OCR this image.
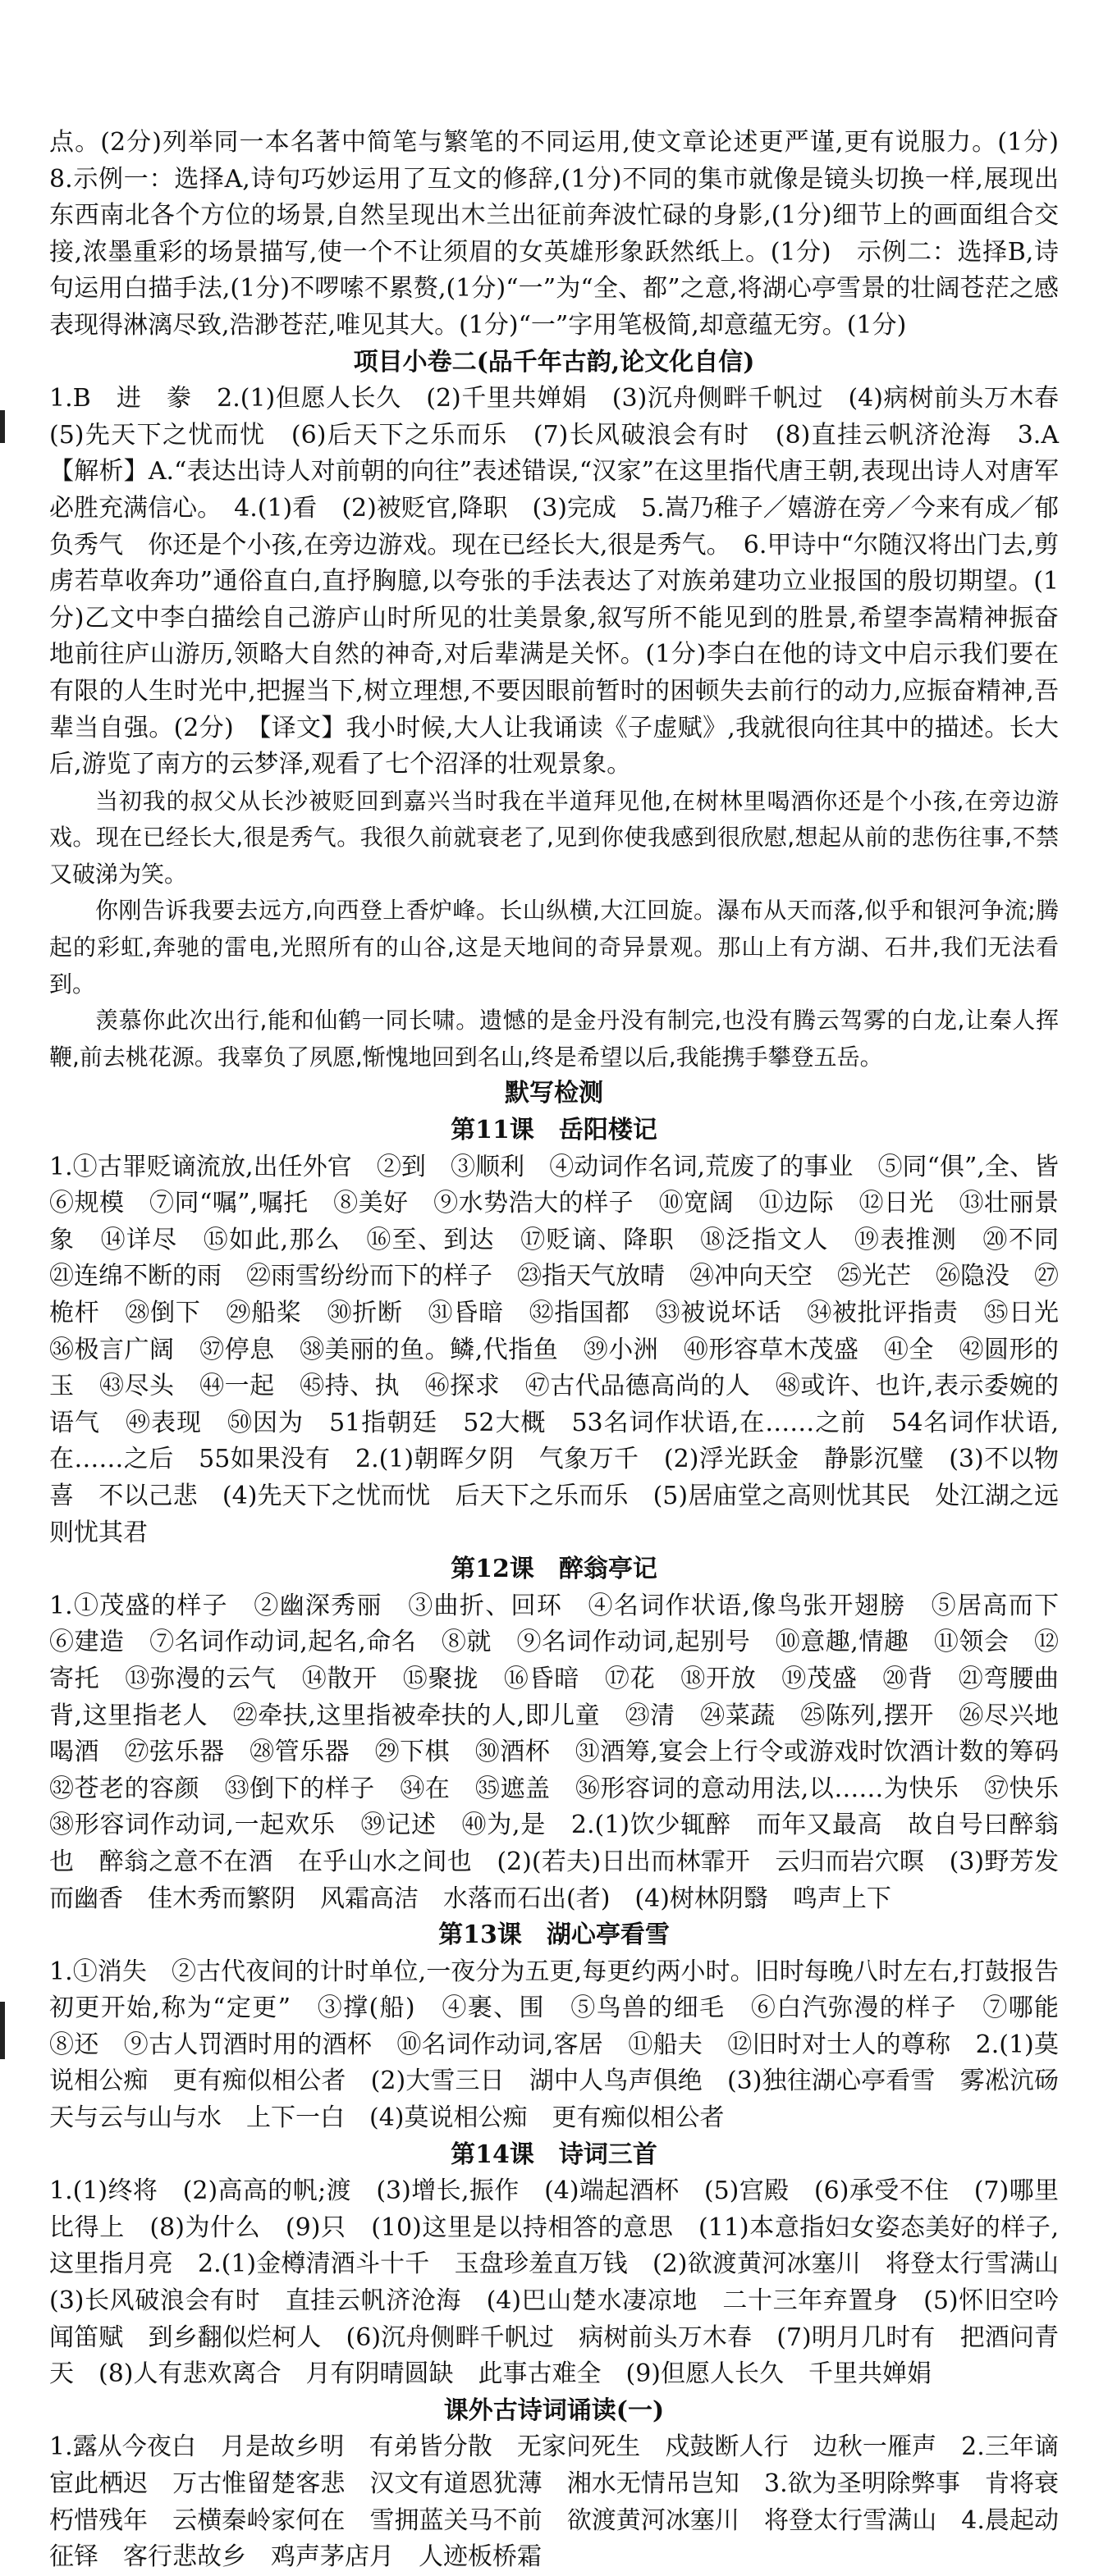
点。(2分)列举同一本名著中简笔与繁笔的不同运用,使文章论述更严谨,更有说服力。(1分)　8.示例一：选择A,诗句巧妙运用了互文的修辞,(1分)不同的集市就像是镜头切换一样,展现出东西南北各个方位的场景,自然呈现出木兰出征前奔波忙碌的身影,(1分)细节上的画面组合交接,浓墨重彩的场景描写,使一个不让须眉的女英雄形象跃然纸上。(1分)　示例二：选择B,诗句运用白描手法,(1分)不啰嗦不累赘,(1分)“一”为“全、都”之意,将湖心亭雪景的壮阔苍茫之感表现得淋漓尽致,浩渺苍茫,唯见其大。(1分)“一”字用笔极简,却意蕴无穷。(1分)

项目小卷二(品千年古韵,论文化自信)

1.B　进　豢　2.(1)但愿人长久　(2)千里共婵娟　(3)沉舟侧畔千帆过　(4)病树前头万木春　(5)先天下之忧而忧　(6)后天下之乐而乐　(7)长风破浪会有时　(8)直挂云帆济沧海　3.A　【解析】A.“表达出诗人对前朝的向往”表述错误,“汉家”在这里指代唐王朝,表现出诗人对唐军必胜充满信心。　4.(1)看　(2)被贬官,降职　(3)完成　5.嵩乃稚子／嬉游在旁／今来有成／郁负秀气　你还是个小孩,在旁边游戏。现在已经长大,很是秀气。　6.甲诗中“尔随汉将出门去,剪虏若草收奔功”通俗直白,直抒胸臆,以夸张的手法表达了对族弟建功立业报国的殷切期望。(1分)乙文中李白描绘自己游庐山时所见的壮美景象,叙写所不能见到的胜景,希望李嵩精神振奋地前往庐山游历,领略大自然的神奇,对后辈满是关怀。(1分)李白在他的诗文中启示我们要在有限的人生时光中,把握当下,树立理想,不要因眼前暂时的困顿失去前行的动力,应振奋精神,吾辈当自强。(2分)　【译文】我小时候,大人让我诵读《子虚赋》,我就很向往其中的描述。长大后,游览了南方的云梦泽,观看了七个沼泽的壮观景象。

当初我的叔父从长沙被贬回到嘉兴当时我在半道拜见他,在树林里喝酒你还是个小孩,在旁边游戏。现在已经长大,很是秀气。我很久前就衰老了,见到你使我感到很欣慰,想起从前的悲伤往事,不禁又破涕为笑。

你刚告诉我要去远方,向西登上香炉峰。长山纵横,大江回旋。瀑布从天而落,似乎和银河争流;腾起的彩虹,奔驰的雷电,光照所有的山谷,这是天地间的奇异景观。那山上有方湖、石井,我们无法看到。

羡慕你此次出行,能和仙鹤一同长啸。遗憾的是金丹没有制完,也没有腾云驾雾的白龙,让秦人挥鞭,前去桃花源。我辜负了夙愿,惭愧地回到名山,终是希望以后,我能携手攀登五岳。

默写检测

第11课　岳阳楼记

1.①古罪贬谪流放,出任外官　②到　③顺利　④动词作名词,荒废了的事业　⑤同“俱”,全、皆　⑥规模　⑦同“嘱”,嘱托　⑧美好　⑨水势浩大的样子　⑩宽阔　⑪边际　⑫日光　⑬壮丽景象　⑭详尽　⑮如此,那么　⑯至、到达　⑰贬谪、降职　⑱泛指文人　⑲表推测　⑳不同　㉑连绵不断的雨　㉒雨雪纷纷而下的样子　㉓指天气放晴　㉔冲向天空　㉕光芒　㉖隐没　㉗桅杆　㉘倒下　㉙船桨　㉚折断　㉛昏暗　㉜指国都　㉝被说坏话　㉞被批评指责　㉟日光　㊱极言广阔　㊲停息　㊳美丽的鱼。鳞,代指鱼　㊴小洲　㊵形容草木茂盛　㊶全　㊷圆形的玉　㊸尽头　㊹一起　㊺持、执　㊻探求　㊼古代品德高尚的人　㊽或许、也许,表示委婉的语气　㊾表现　㊿因为　51指朝廷　52大概　53名词作状语,在……之前　54名词作状语,在……之后　55如果没有　2.(1)朝晖夕阴　气象万千　(2)浮光跃金　静影沉璧　(3)不以物喜　不以己悲　(4)先天下之忧而忧　后天下之乐而乐　(5)居庙堂之高则忧其民　处江湖之远则忧其君

第12课　醉翁亭记

1.①茂盛的样子　②幽深秀丽　③曲折、回环　④名词作状语,像鸟张开翅膀　⑤居高而下　⑥建造　⑦名词作动词,起名,命名　⑧就　⑨名词作动词,起别号　⑩意趣,情趣　⑪领会　⑫寄托　⑬弥漫的云气　⑭散开　⑮聚拢　⑯昏暗　⑰花　⑱开放　⑲茂盛　⑳背　㉑弯腰曲背,这里指老人　㉒牵扶,这里指被牵扶的人,即儿童　㉓清　㉔菜蔬　㉕陈列,摆开　㉖尽兴地喝酒　㉗弦乐器　㉘管乐器　㉙下棋　㉚酒杯　㉛酒筹,宴会上行令或游戏时饮酒计数的筹码　㉜苍老的容颜　㉝倒下的样子　㉞在　㉟遮盖　㊱形容词的意动用法,以……为快乐　㊲快乐　㊳形容词作动词,一起欢乐　㊴记述　㊵为,是　2.(1)饮少辄醉　而年又最高　故自号曰醉翁也　醉翁之意不在酒　在乎山水之间也　(2)(若夫)日出而林霏开　云归而岩穴暝　(3)野芳发而幽香　佳木秀而繁阴　风霜高洁　水落而石出(者)　(4)树林阴翳　鸣声上下

第13课　湖心亭看雪

1.①消失　②古代夜间的计时单位,一夜分为五更,每更约两小时。旧时每晚八时左右,打鼓报告初更开始,称为“定更”　③撑(船)　④裹、围　⑤鸟兽的细毛　⑥白汽弥漫的样子　⑦哪能　⑧还　⑨古人罚酒时用的酒杯　⑩名词作动词,客居　⑪船夫　⑫旧时对士人的尊称　2.(1)莫说相公痴　更有痴似相公者　(2)大雪三日　湖中人鸟声俱绝　(3)独往湖心亭看雪　雾凇沆砀　天与云与山与水　上下一白　(4)莫说相公痴　更有痴似相公者

第14课　诗词三首

1.(1)终将　(2)高高的帆;渡　(3)增长,振作　(4)端起酒杯　(5)宫殿　(6)承受不住　(7)哪里比得上　(8)为什么　(9)只　(10)这里是以持相答的意思　(11)本意指妇女姿态美好的样子,这里指月亮　2.(1)金樽清酒斗十千　玉盘珍羞直万钱　(2)欲渡黄河冰塞川　将登太行雪满山　(3)长风破浪会有时　直挂云帆济沧海　(4)巴山楚水凄凉地　二十三年弃置身　(5)怀旧空吟闻笛赋　到乡翻似烂柯人　(6)沉舟侧畔千帆过　病树前头万木春　(7)明月几时有　把酒问青天　(8)人有悲欢离合　月有阴晴圆缺　此事古难全　(9)但愿人长久　千里共婵娟

课外古诗词诵读(一)

1.露从今夜白　月是故乡明　有弟皆分散　无家问死生　戍鼓断人行　边秋一雁声　2.三年谪宦此栖迟　万古惟留楚客悲　汉文有道恩犹薄　湘水无情吊岂知　3.欲为圣明除弊事　肯将衰朽惜残年　云横秦岭家何在　雪拥蓝关马不前　欲渡黄河冰塞川　将登太行雪满山　4.晨起动征铎　客行悲故乡　鸡声茅店月　人迹板桥霜
